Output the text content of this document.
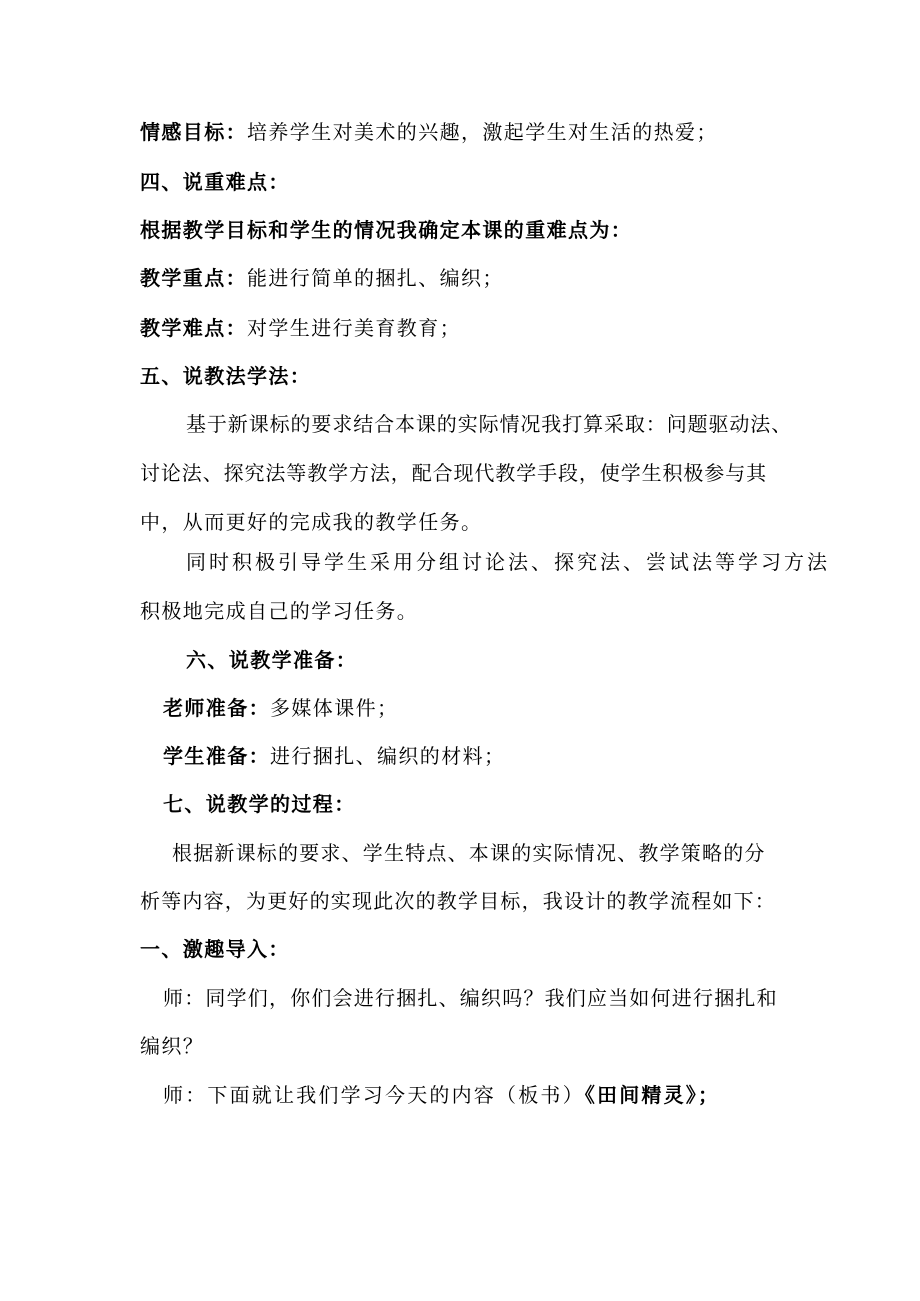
情感目标：培养学生对美术的兴趣，激起学生对生活的热爱；
四、说重难点：
根据教学目标和学生的情况我确定本课的重难点为：
教学重点：能进行简单的捆扎、编织；
教学难点：对学生进行美育教育；
五、说教法学法：
基于新课标的要求结合本课的实际情况我打算采取：问题驱动法、
讨论法、探究法等教学方法，配合现代教学手段，使学生积极参与其
中，从而更好的完成我的教学任务。
同时积极引导学生采用分组讨论法、探究法、尝试法等学习方法
积极地完成自己的学习任务。
六、说教学准备：
老师准备：多媒体课件；
学生准备：进行捆扎、编织的材料；
七、说教学的过程：
根据新课标的要求、学生特点、本课的实际情况、教学策略的分
析等内容，为更好的实现此次的教学目标，我设计的教学流程如下：
一、激趣导入：
师：同学们，你们会进行捆扎、编织吗？我们应当如何进行捆扎和
编织？
师：下面就让我们学习今天的内容（板书）《田间精灵》；
